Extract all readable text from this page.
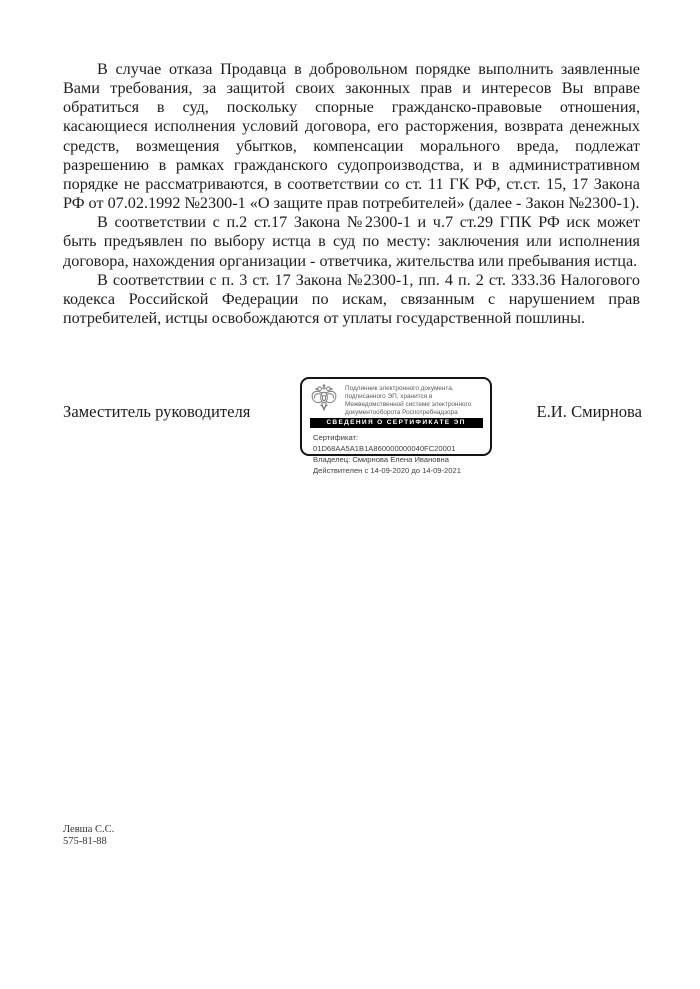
В случае отказа Продавца в добровольном порядке выполнить заявленные Вами требования, за защитой своих законных прав и интересов Вы вправе обратиться в суд, поскольку спорные гражданско-правовые отношения, касающиеся исполнения условий договора, его расторжения, возврата денежных средств, возмещения убытков, компенсации морального вреда, подлежат разрешению в рамках гражданского судопроизводства, и в административном порядке не рассматриваются, в соответствии со ст. 11 ГК РФ, ст.ст. 15, 17 Закона РФ от 07.02.1992 №2300-1 «О защите прав потребителей» (далее - Закон №2300-1).

В соответствии с п.2 ст.17 Закона №2300-1 и ч.7 ст.29 ГПК РФ иск может быть предъявлен по выбору истца в суд по месту: заключения или исполнения договора, нахождения организации - ответчика, жительства или пребывания истца.

В соответствии с п. 3 ст. 17 Закона №2300-1, пп. 4 п. 2 ст. 333.36 Налогового кодекса Российской Федерации по искам, связанным с нарушением прав потребителей, истцы освобождаются от уплаты государственной пошлины.

Заместитель руководителя	Е.И. Смирнова
Подлинник электронного документа, подписанного ЭП, хранится в Межведомственной системе электронного документооборота Роспотребнадзора
СВЕДЕНИЯ О СЕРТИФИКАТЕ ЭП
Сертификат: 01D68AA5A1B1A860000000040FC20001
Владелец: Смирнова Елена Ивановна
Действителен с 14-09-2020 до 14-09-2021
Левша С.С.
575-81-88
